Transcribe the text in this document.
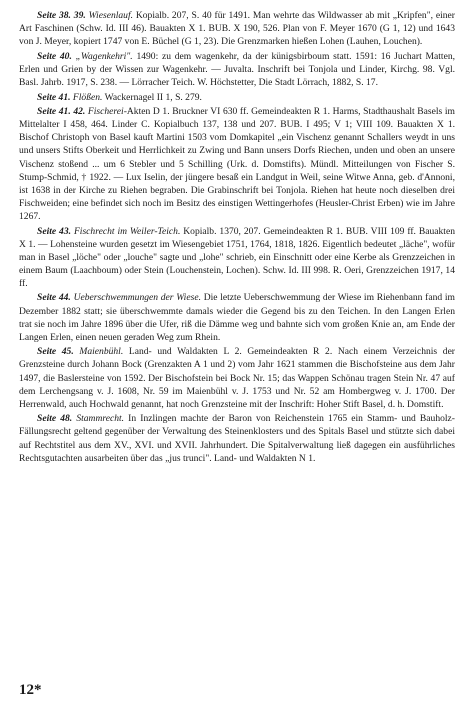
Seite 38. 39. Wiesenlauf. Kopialb. 207, S. 40 für 1491. Man wehrte das Wildwasser ab mit „Kripfen", einer Art Faschinen (Schw. Id. III 46). Bauakten X 1. BUB. X 190, 526. Plan von F. Meyer 1670 (G 1, 12) und 1643 von J. Meyer, kopiert 1747 von E. Büchel (G 1, 23). Die Grenzmarken hießen Lohen (Lauhen, Louchen).

Seite 40. „Wagenkehri". 1490: zu dem wagenkehr, da der künigsbirboum statt. 1591: 16 Juchart Matten, Erlen und Grien by der Wissen zur Wagenkehr. — Juvalta. Inschrift bei Tonjola und Linder, Kirchg. 98. Vgl. Basl. Jahrb. 1917, S. 238. — Lörracher Teich. W. Höchstetter, Die Stadt Lörrach, 1882, S. 17.

Seite 41. Flößen. Wackernagel II 1, S. 279.

Seite 41. 42. Fischerei-Akten D 1. Bruckner VI 630 ff. Gemeindeakten R 1. Harms, Stadthaushalt Basels im Mittelalter I 458, 464. Linder C. Kopialbuch 137, 138 und 207. BUB. I 495; V 1; VIII 109. Bauakten X 1. Bischof Christoph von Basel kauft Martini 1503 vom Domkapitel „ein Vischenz genannt Schallers weydt in uns und unsers Stifts Oberkeit und Herrlichkeit zu Zwing und Bann unsers Dorfs Riechen, unden und oben an unsere Vischenz stoßend ... um 6 Stebler und 5 Schilling (Urk. d. Domstifts). Mündl. Mitteilungen von Fischer S. Stump-Schmid, † 1922. — Lux Iselin, der jüngere besaß ein Landgut in Weil, seine Witwe Anna, geb. d'Annoni, ist 1638 in der Kirche zu Riehen begraben. Die Grabinschrift bei Tonjola. Riehen hat heute noch dieselben drei Fischweiden; eine befindet sich noch im Besitz des einstigen Wettingerhofes (Heusler-Christ Erben) wie im Jahre 1267.

Seite 43. Fischrecht im Weiler-Teich. Kopialb. 1370, 207. Gemeindeakten R 1. BUB. VIII 109 ff. Bauakten X 1. — Lohensteine wurden gesetzt im Wiesengebiet 1751, 1764, 1818, 1826. Eigentlich bedeutet „läche", wofür man in Basel „löche" oder „louche" sagte und „lohe" schrieb, ein Einschnitt oder eine Kerbe als Grenzzeichen in einem Baum (Laachboum) oder Stein (Louchenstein, Lochen). Schw. Id. III 998. R. Oeri, Grenzzeichen 1917, 14 ff.

Seite 44. Ueberschwemmungen der Wiese. Die letzte Ueberschwemmung der Wiese im Riehenbann fand im Dezember 1882 statt; sie überschwemmte damals wieder die Gegend bis zu den Teichen. In den Langen Erlen trat sie noch im Jahre 1896 über die Ufer, riß die Dämme weg und bahnte sich vom großen Knie an, am Ende der Langen Erlen, einen neuen geraden Weg zum Rhein.

Seite 45. Maienbühl. Land- und Waldakten L 2. Gemeindeakten R 2. Nach einem Verzeichnis der Grenzsteine durch Johann Bock (Grenzakten A 1 und 2) vom Jahr 1621 stammen die Bischofsteine aus dem Jahr 1497, die Baslersteine von 1592. Der Bischofstein bei Bock Nr. 15; das Wappen Schönau tragen Stein Nr. 47 auf dem Lerchengsang v. J. 1608, Nr. 59 im Maienbühl v. J. 1753 und Nr. 52 am Hombergweg v. J. 1700. Der Herrenwald, auch Hochwald genannt, hat noch Grenzsteine mit der Inschrift: Hoher Stift Basel, d. h. Domstift.

Seite 48. Stammrecht. In Inzlingen machte der Baron von Reichenstein 1765 ein Stamm- und Bauholz-Fällungsrecht geltend gegenüber der Verwaltung des Steinenklosters und des Spitals Basel und stützte sich dabei auf Rechtstitel aus dem XV., XVI. und XVII. Jahrhundert. Die Spitalverwaltung ließ dagegen ein ausführliches Rechtsgutachten ausarbeiten über das „jus trunci". Land- und Waldakten N 1.

12*
